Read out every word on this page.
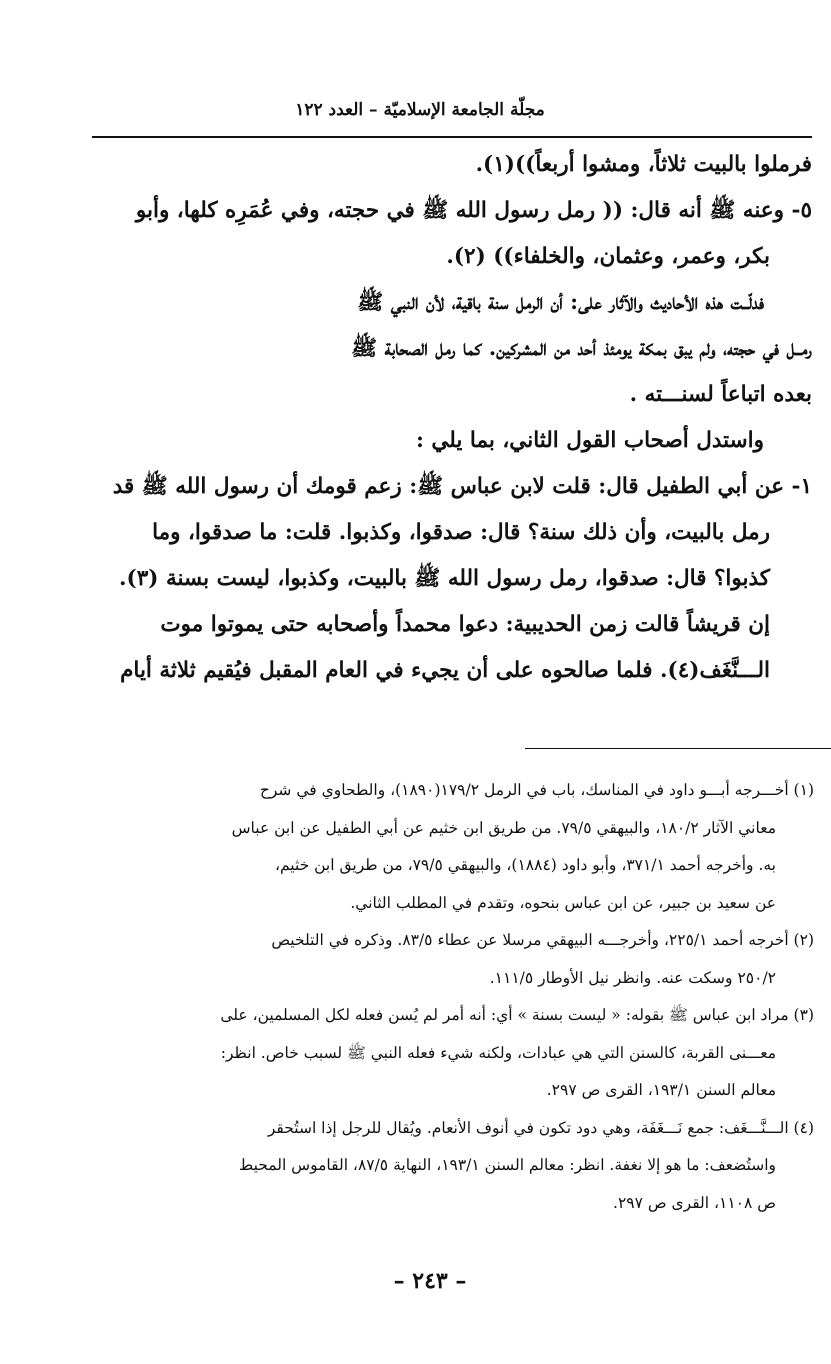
مجلّة الجامعة الإسلاميّة – العدد ١٢٢
فرملوا بالبيت ثلاثاً، ومشوا أربعاً))(١).
٥- وعنه ﷺ أنه قال: (( رمل رسول الله ﷺ في حجته، وفي عُمَرِه كلها، وأبو
بكر، وعمر، وعثمان، والخلفاء)) (٢).
فدلّــت هذه الأحاديث والآثار على: أن الرمل سنة باقية، لأن النبي ﷺ
رمــل في حجته، ولم يبق بمكة يومئذ أحد من المشركين. كما رمل الصحابة ﷺ
بعده اتباعاً لسنـــته .
واستدل أصحاب القول الثاني، بما يلي :
١- عن أبي الطفيل قال: قلت لابن عباس ﷺ: زعم قومك أن رسول الله ﷺ قد
رمل بالبيت، وأن ذلك سنة؟ قال: صدقوا، وكذبوا. قلت: ما صدقوا، وما
كذبوا؟ قال: صدقوا، رمل رسول الله ﷺ بالبيت، وكذبوا، ليست بسنة (٣).
إن قريشاً قالت زمن الحديبية: دعوا محمداً وأصحابه حتى يموتوا موت
الـــنَّغَف(٤). فلما صالحوه على أن يجيء في العام المقبل فيُقيم ثلاثة أيام
(١) أخـــرجه أبـــو داود في المناسك، باب في الرمل ١٧٩/٢(١٨٩٠)، والطحاوي في شرح
معاني الآثار ١٨٠/٢، والبيهقي ٧٩/٥. من طريق ابن خثيم عن أبي الطفيل عن ابن عباس
به. وأخرجه أحمد ٣٧١/١، وأبو داود (١٨٨٤)، والبيهقي ٧٩/٥، من طريق ابن خثيم،
عن سعيد بن جبير، عن ابن عباس بنحوه، وتقدم في المطلب الثاني.
(٢) أخرجه أحمد ٢٢٥/١، وأخرجـــه البيهقي مرسلا عن عطاء ٨٣/٥. وذكره في التلخيص
٢٥٠/٢ وسكت عنه. وانظر نيل الأوطار ١١١/٥.
(٣) مراد ابن عباس ﷺ بقوله: « ليست بسنة » أي: أنه أمر لم يُسن فعله لكل المسلمين، على
معـــنى القربة، كالسنن التي هي عبادات، ولكنه شيء فعله النبي ﷺ لسبب خاص. انظر:
معالم السنن ١٩٣/١، القرى ص ٢٩٧.
(٤) الـــنَّـــغَف: جمع نَـــغَفَة، وهي دود تكون في أنوف الأنعام. ويُقال للرجل إذا استُحقر
واستُضعف: ما هو إلا نغفة. انظر: معالم السنن ١٩٣/١، النهاية ٨٧/٥، القاموس المحيط
ص ١١٠٨، القرى ص ٢٩٧.
– ٢٤٣ –
